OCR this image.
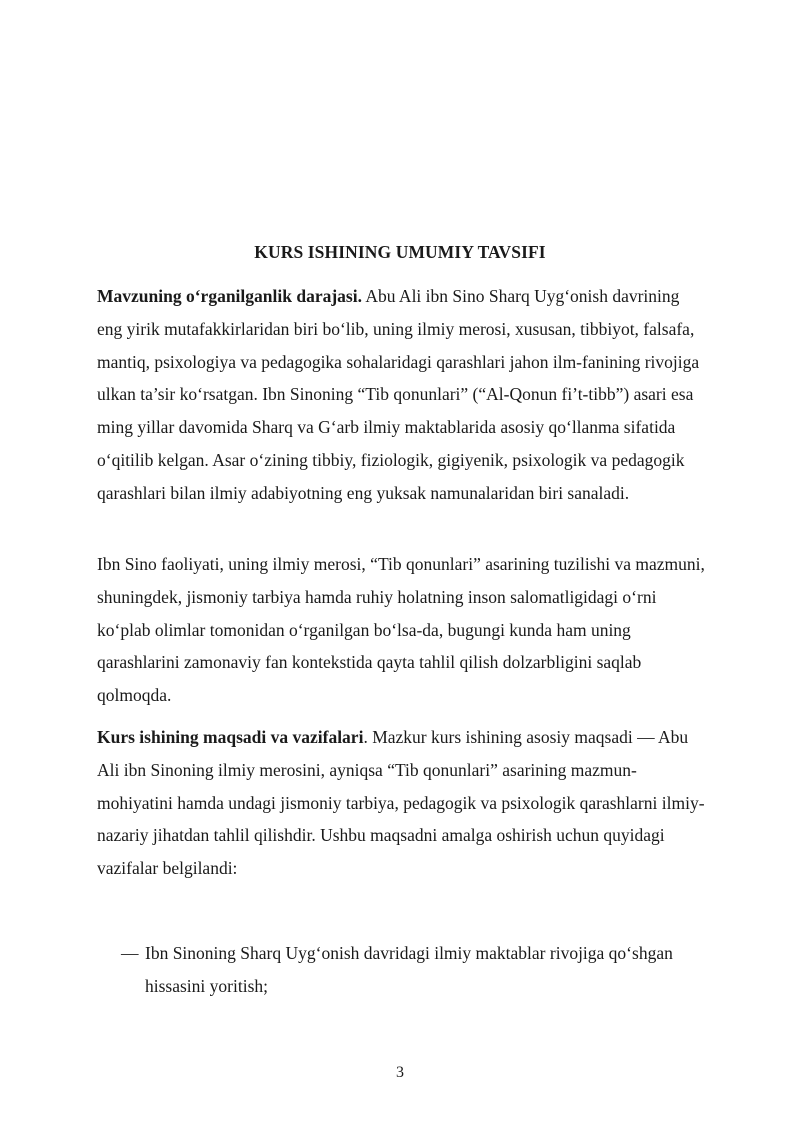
KURS ISHINING UMUMIY TAVSIFI
Mavzuning o‘rganilganlik darajasi. Abu Ali ibn Sino Sharq Uyg‘onish davrining eng yirik mutafakkirlaridan biri bo‘lib, uning ilmiy merosi, xususan, tibbiyot, falsafa, mantiq, psixologiya va pedagogika sohalaridagi qarashlari jahon ilm-fanining rivojiga ulkan ta’sir ko‘rsatgan. Ibn Sinoning “Tib qonunlari” (“Al-Qonun fi’t-tibb”) asari esa ming yillar davomida Sharq va G‘arb ilmiy maktablarida asosiy qo‘llanma sifatida o‘qitilib kelgan. Asar o‘zining tibbiy, fiziologik, gigiyenik, psixologik va pedagogik qarashlari bilan ilmiy adabiyotning eng yuksak namunalaridan biri sanaladi.
Ibn Sino faoliyati, uning ilmiy merosi, “Tib qonunlari” asarining tuzilishi va mazmuni, shuningdek, jismoniy tarbiya hamda ruhiy holatning inson salomatligidagi o‘rni ko‘plab olimlar tomonidan o‘rganilgan bo‘lsa-da, bugungi kunda ham uning qarashlarini zamonaviy fan kontekstida qayta tahlil qilish dolzarbligini saqlab qolmoqda.
Kurs ishining maqsadi va vazifalari. Mazkur kurs ishining asosiy maqsadi — Abu Ali ibn Sinoning ilmiy merosini, ayniqsa “Tib qonunlari” asarining mazmun-mohiyatini hamda undagi jismoniy tarbiya, pedagogik va psixologik qarashlarni ilmiy-nazariy jihatdan tahlil qilishdir. Ushbu maqsadni amalga oshirish uchun quyidagi vazifalar belgilandi:
— Ibn Sinoning Sharq Uyg‘onish davridagi ilmiy maktablar rivojiga qo‘shgan hissasini yoritish;
3
